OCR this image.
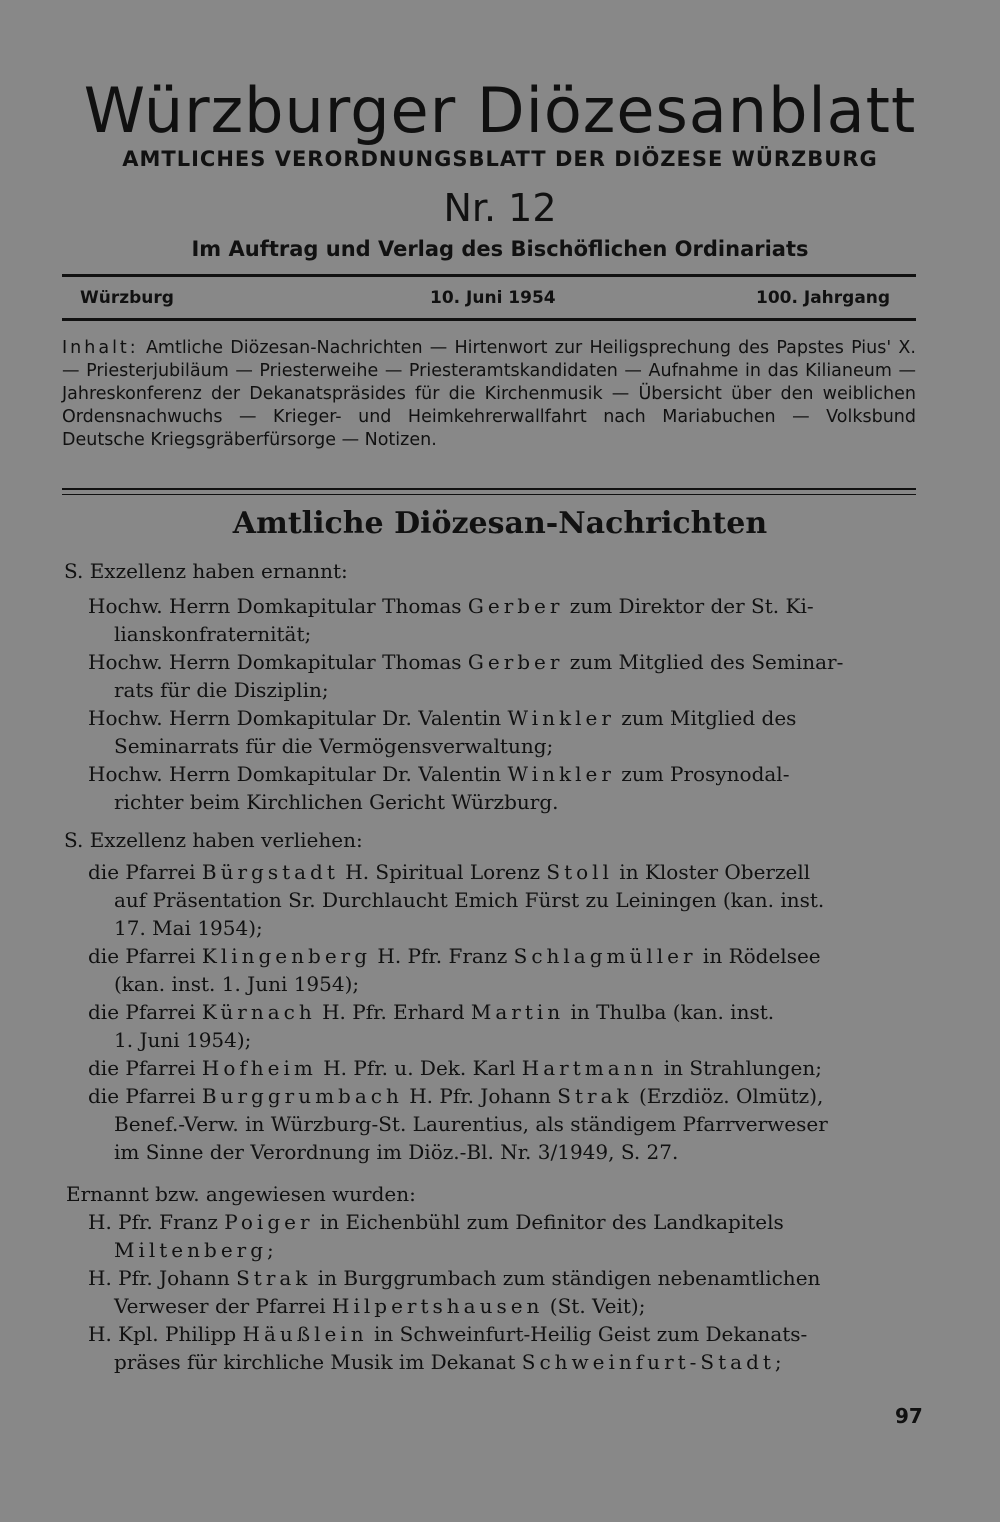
Würzburger Diözesanblatt
AMTLICHES VERORDNUNGSBLATT DER DIÖZESE WÜRZBURG
Nr. 12
Im Auftrag und Verlag des Bischöflichen Ordinariats
Würzburg	10. Juni 1954	100. Jahrgang
Inhalt: Amtliche Diözesan-Nachrichten — Hirtenwort zur Heiligsprechung des Papstes Pius' X. — Priesterjubiläum — Priesterweihe — Priesteramtskandidaten — Aufnahme in das Kilianeum — Jahreskonferenz der Dekanatspräsides für die Kirchenmusik — Übersicht über den weiblichen Ordensnachwuchs — Krieger- und Heimkehrerwallfahrt nach Mariabuchen — Volksbund Deutsche Kriegsgräberfürsorge — Notizen.
Amtliche Diözesan-Nachrichten
S. Exzellenz haben ernannt:
Hochw. Herrn Domkapitular Thomas Gerber zum Direktor der St. Ki-
lianskonfraternität;
Hochw. Herrn Domkapitular Thomas Gerber zum Mitglied des Seminar-
rats für die Disziplin;
Hochw. Herrn Domkapitular Dr. Valentin Winkler zum Mitglied des
Seminarrats für die Vermögensverwaltung;
Hochw. Herrn Domkapitular Dr. Valentin Winkler zum Prosynodal-
richter beim Kirchlichen Gericht Würzburg.
S. Exzellenz haben verliehen:
die Pfarrei Bürgstadt H. Spiritual Lorenz Stoll in Kloster Oberzell
auf Präsentation Sr. Durchlaucht Emich Fürst zu Leiningen (kan. inst.
17. Mai 1954);
die Pfarrei Klingenberg H. Pfr. Franz Schlagmüller in Rödelsee
(kan. inst. 1. Juni 1954);
die Pfarrei Kürnach H. Pfr. Erhard Martin in Thulba (kan. inst.
1. Juni 1954);
die Pfarrei Hofheim H. Pfr. u. Dek. Karl Hartmann in Strahlungen;
die Pfarrei Burggrumbach H. Pfr. Johann Strak (Erzdiöz. Olmütz),
Benef.-Verw. in Würzburg-St. Laurentius, als ständigem Pfarrverweser
im Sinne der Verordnung im Diöz.-Bl. Nr. 3/1949, S. 27.
Ernannt bzw. angewiesen wurden:
H. Pfr. Franz Poiger in Eichenbühl zum Definitor des Landkapitels
Miltenberg;
H. Pfr. Johann Strak in Burggrumbach zum ständigen nebenamtlichen
Verweser der Pfarrei Hilpertshausen (St. Veit);
H. Kpl. Philipp Häußlein in Schweinfurt-Heilig Geist zum Dekanats-
präses für kirchliche Musik im Dekanat Schweinfurt-Stadt;
97
